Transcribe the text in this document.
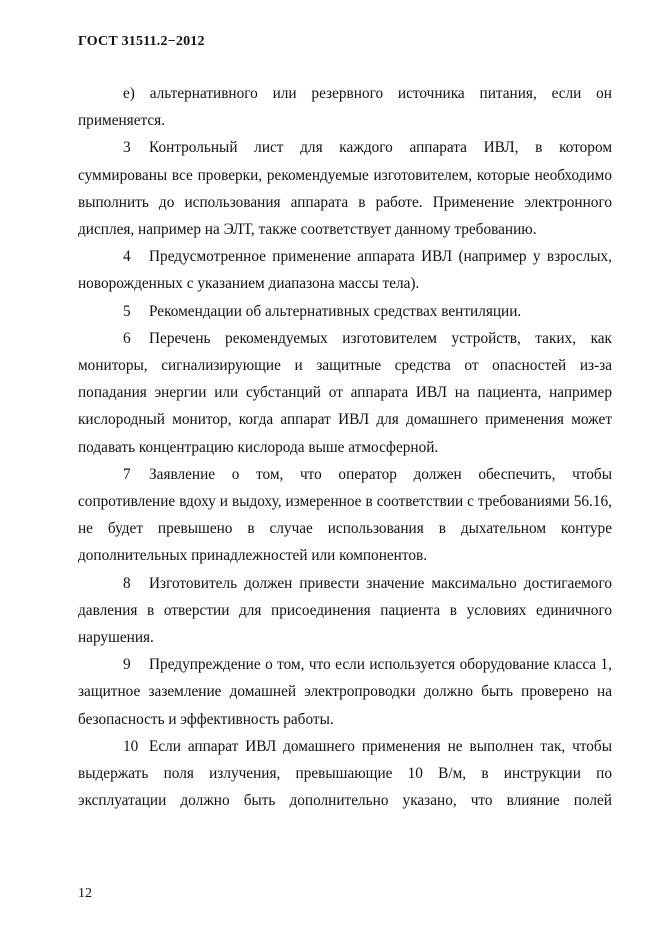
ГОСТ 31511.2−2012

е) альтернативного или резервного источника питания, если он применяется.

3 Контрольный лист для каждого аппарата ИВЛ, в котором суммированы все проверки, рекомендуемые изготовителем, которые необходимо выполнить до использования аппарата в работе. Применение электронного дисплея, например на ЭЛТ, также соответствует данному требованию.

4 Предусмотренное применение аппарата ИВЛ (например у взрослых, новорожденных с указанием диапазона массы тела).

5 Рекомендации об альтернативных средствах вентиляции.

6 Перечень рекомендуемых изготовителем устройств, таких, как мониторы, сигнализирующие и защитные средства от опасностей из-за попадания энергии или субстанций от аппарата ИВЛ на пациента, например кислородный монитор, когда аппарат ИВЛ для домашнего применения может подавать концентрацию кислорода выше атмосферной.

7 Заявление о том, что оператор должен обеспечить, чтобы сопротивление вдоху и выдоху, измеренное в соответствии с требованиями 56.16, не будет превышено в случае использования в дыхательном контуре дополнительных принадлежностей или компонентов.

8 Изготовитель должен привести значение максимально достигаемого давления в отверстии для присоединения пациента в условиях единичного нарушения.

9 Предупреждение о том, что если используется оборудование класса 1, защитное заземление домашней электропроводки должно быть проверено на безопасность и эффективность работы.

10 Если аппарат ИВЛ домашнего применения не выполнен так, чтобы выдержать поля излучения, превышающие 10 В/м, в инструкции по эксплуатации должно быть дополнительно указано, что влияние полей

12
